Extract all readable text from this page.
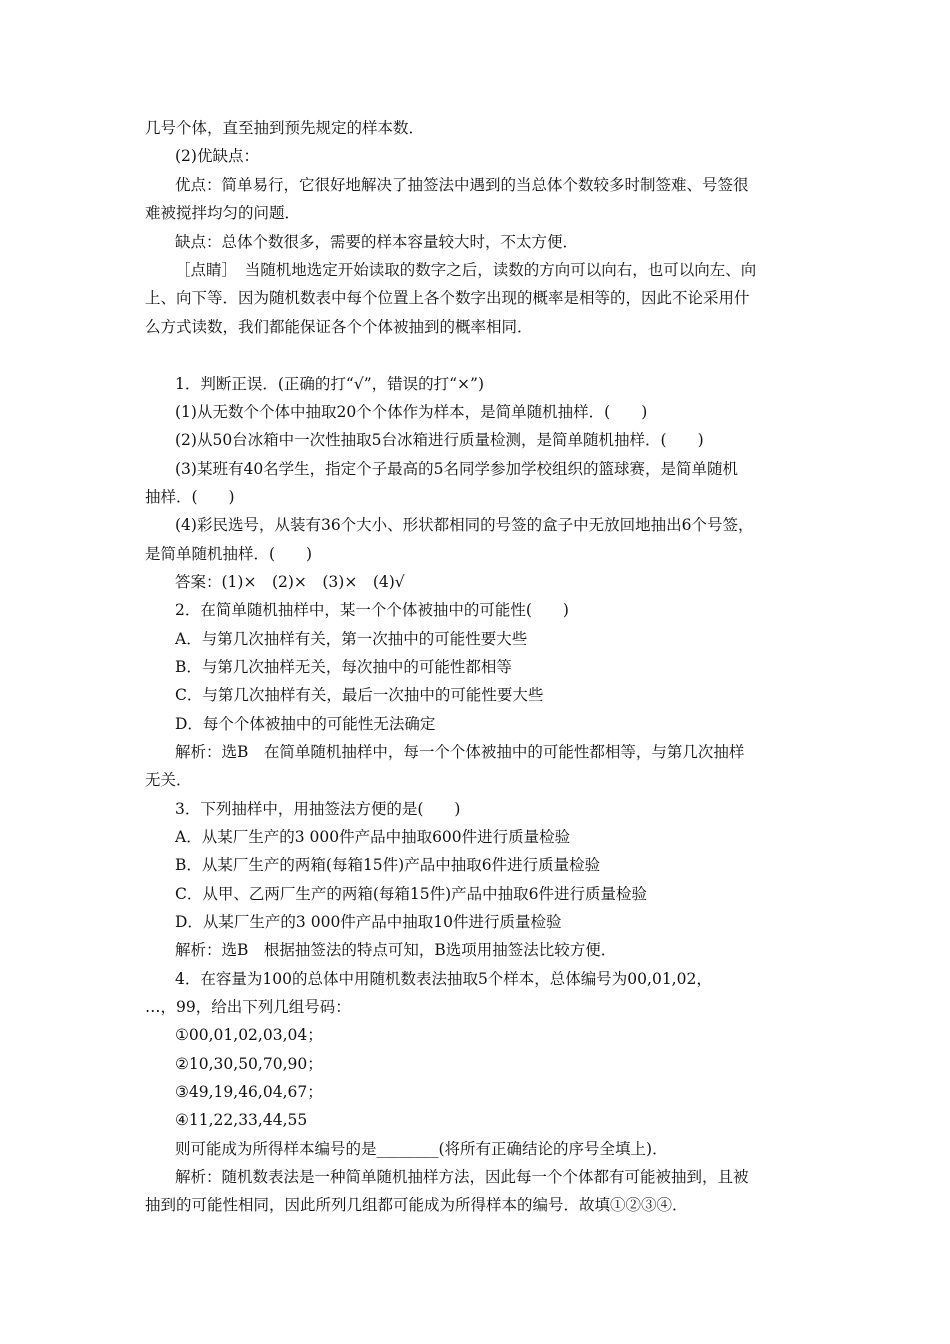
几号个体，直至抽到预先规定的样本数．
(2)优缺点：
优点：简单易行，它很好地解决了抽签法中遇到的当总体个数较多时制签难、号签很
难被搅拌均匀的问题．
缺点：总体个数很多，需要的样本容量较大时，不太方便．
［点睛］　当随机地选定开始读取的数字之后，读数的方向可以向右，也可以向左、向
上、向下等．因为随机数表中每个位置上各个数字出现的概率是相等的，因此不论采用什
么方式读数，我们都能保证各个个体被抽到的概率相同．
1．判断正误．(正确的打“√”，错误的打“×”)
(1)从无数个个体中抽取20个个体作为样本，是简单随机抽样．(　　)
(2)从50台冰箱中一次性抽取5台冰箱进行质量检测，是简单随机抽样．(　　)
(3)某班有40名学生，指定个子最高的5名同学参加学校组织的篮球赛，是简单随机
抽样．(　　)
(4)彩民选号，从装有36个大小、形状都相同的号签的盒子中无放回地抽出6个号签，
是简单随机抽样．(　　)
答案：(1)×　(2)×　(3)×　(4)√
2．在简单随机抽样中，某一个个体被抽中的可能性(　　)
A．与第几次抽样有关，第一次抽中的可能性要大些
B．与第几次抽样无关，每次抽中的可能性都相等
C．与第几次抽样有关，最后一次抽中的可能性要大些
D．每个个体被抽中的可能性无法确定
解析：选B　在简单随机抽样中，每一个个体被抽中的可能性都相等，与第几次抽样
无关．
3．下列抽样中，用抽签法方便的是(　　)
A．从某厂生产的3 000件产品中抽取600件进行质量检验
B．从某厂生产的两箱(每箱15件)产品中抽取6件进行质量检验
C．从甲、乙两厂生产的两箱(每箱15件)产品中抽取6件进行质量检验
D．从某厂生产的3 000件产品中抽取10件进行质量检验
解析：选B　根据抽签法的特点可知，B选项用抽签法比较方便．
4．在容量为100的总体中用随机数表法抽取5个样本，总体编号为00,01,02，
…，99，给出下列几组号码：
①00,01,02,03,04；
②10,30,50,70,90；
③49,19,46,04,67；
④11,22,33,44,55
则可能成为所得样本编号的是________(将所有正确结论的序号全填上)．
解析：随机数表法是一种简单随机抽样方法，因此每一个个体都有可能被抽到，且被
抽到的可能性相同，因此所列几组都可能成为所得样本的编号．故填①②③④．
